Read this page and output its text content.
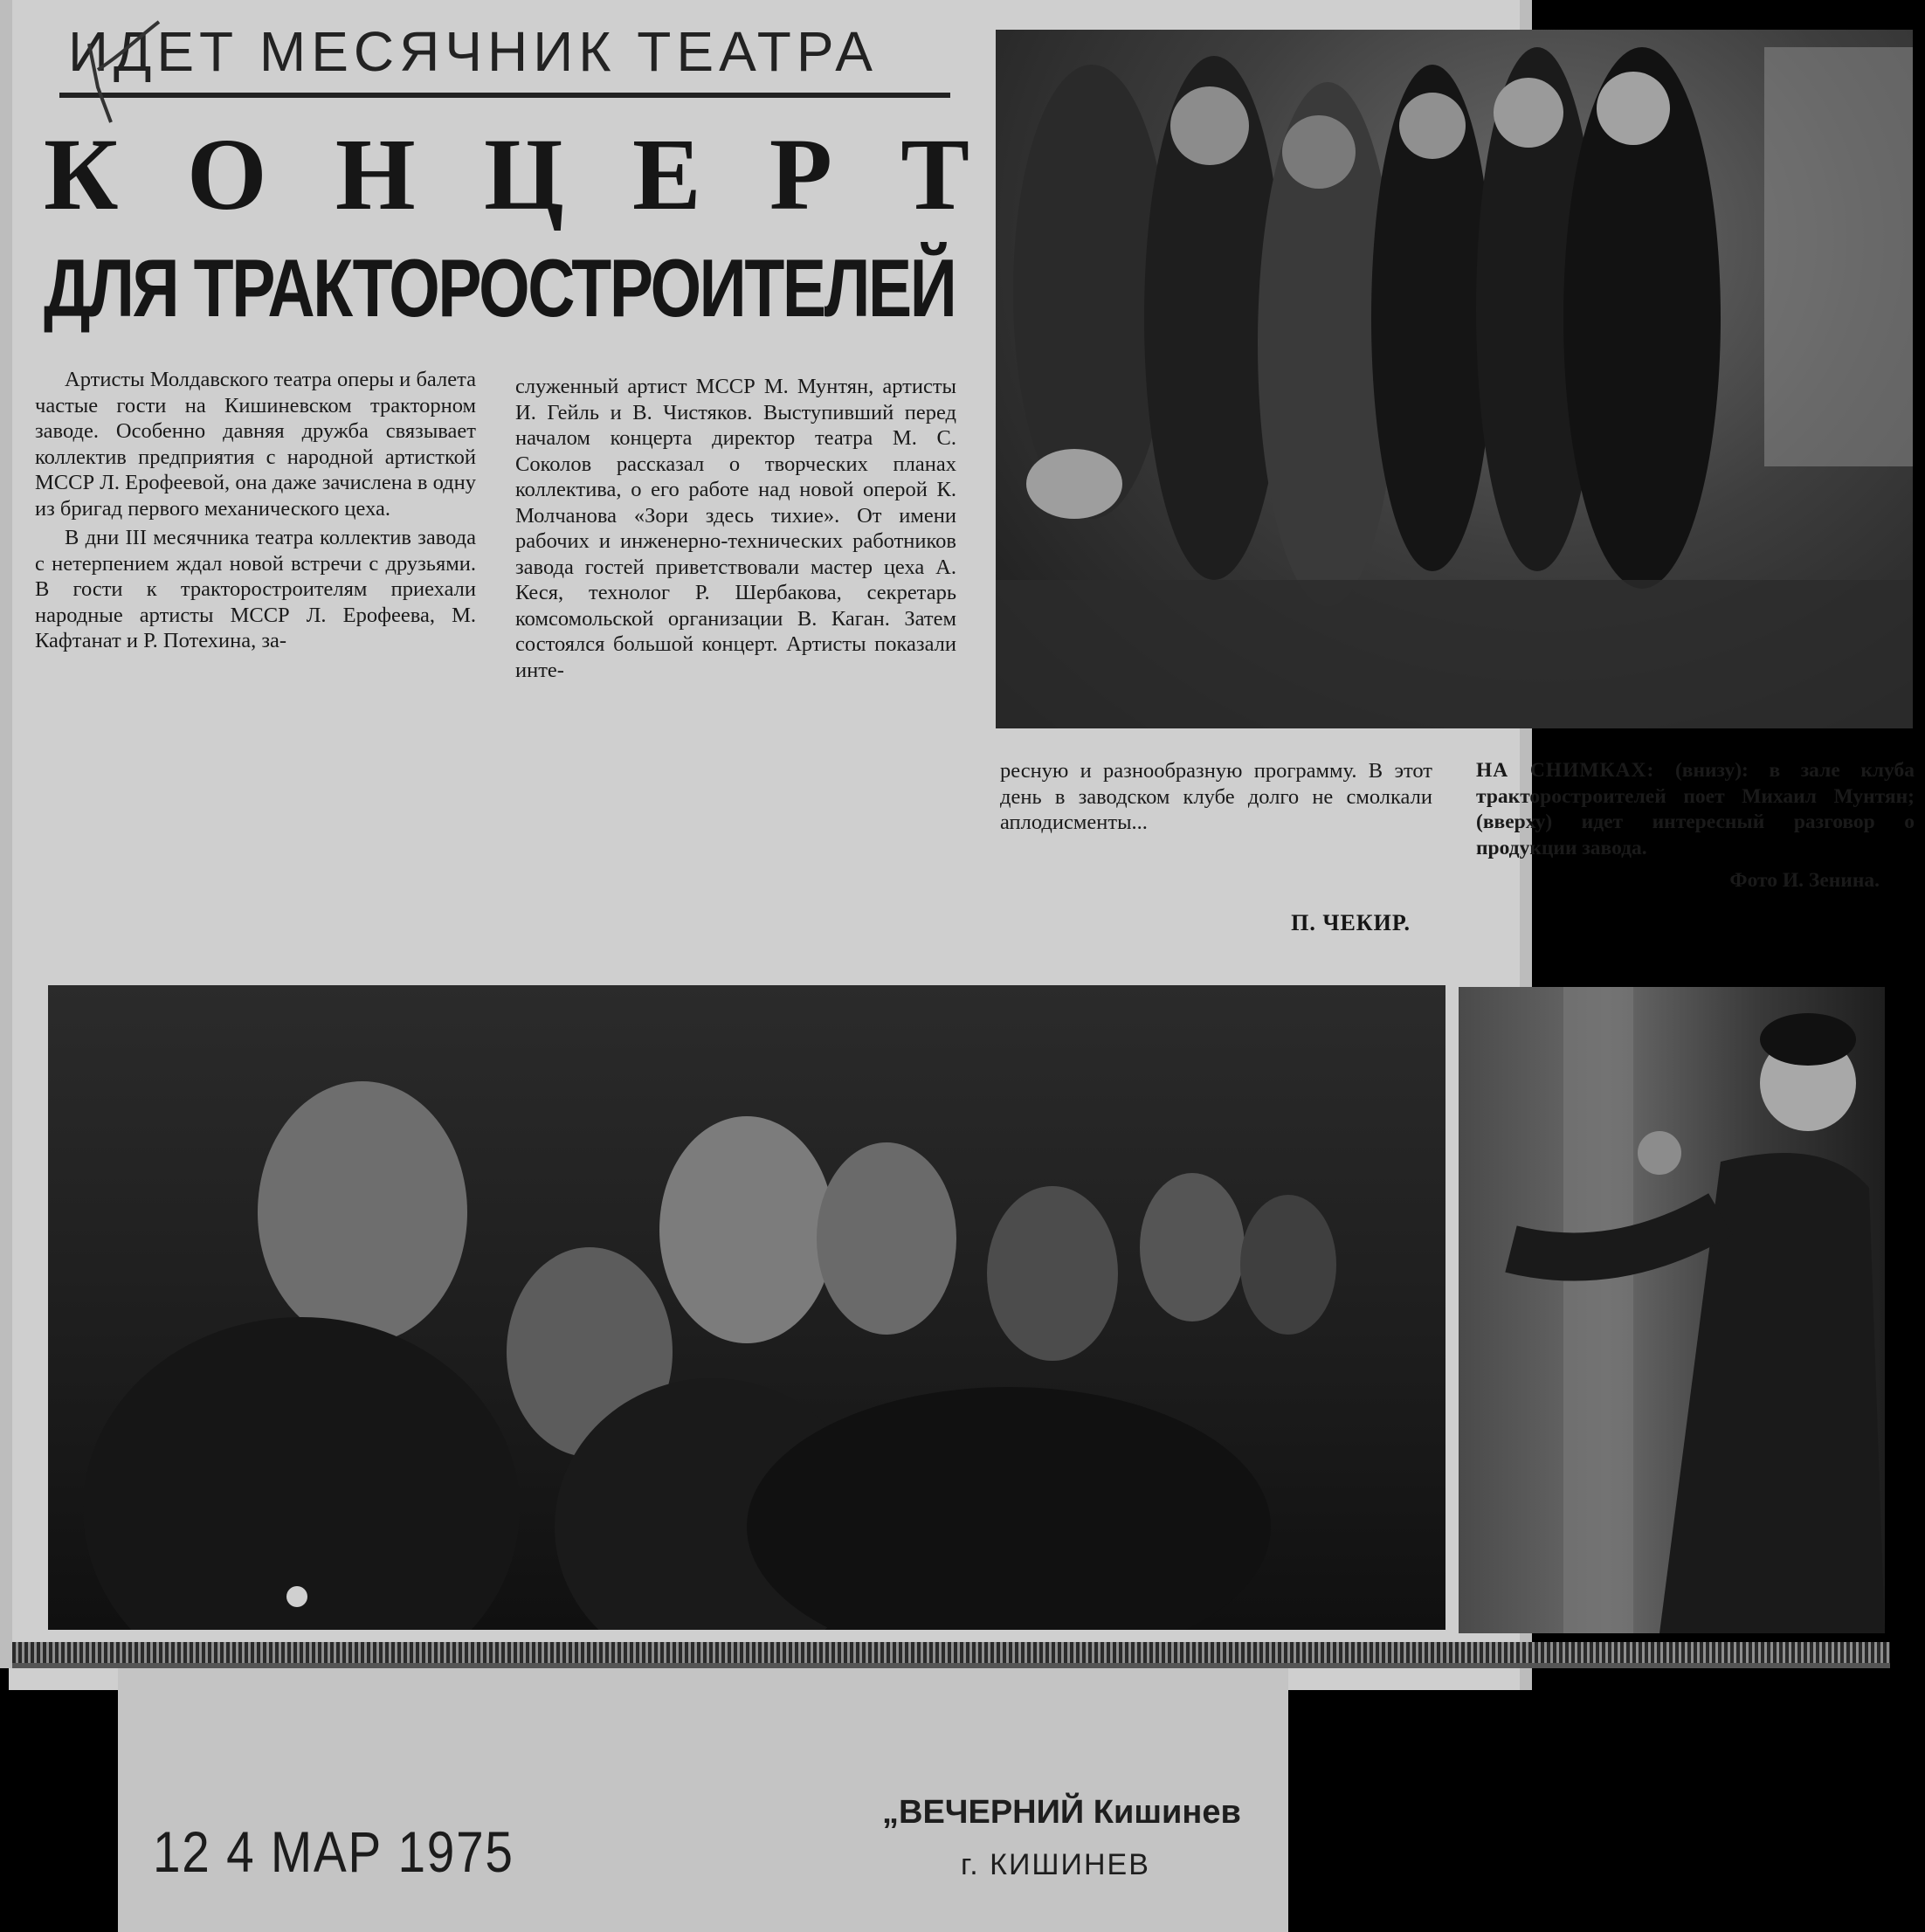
ИДЕТ МЕСЯЧНИК ТЕАТРА
К О Н Ц Е Р Т
ДЛЯ ТРАКТОРОСТРОИТЕЛЕЙ

Артисты Молдавского театра оперы и балета частые гости на Кишиневском тракторном заводе. Особенно давняя дружба связывает коллектив предприятия с народной артисткой МССР Л. Ерофеевой, она даже зачислена в одну из бригад первого механического цеха.

В дни III месячника театра коллектив завода с нетерпением ждал новой встречи с друзьями. В гости к тракторостроителям приехали народные артисты МССР Л. Ерофеева, М. Кафтанат и Р. Потехина, за-

служенный артист МССР М. Мунтян, артисты И. Гейль и В. Чистяков. Выступивший перед началом концерта директор театра М. С. Соколов рассказал о творческих планах коллектива, о его работе над новой оперой К. Молчанова «Зори здесь тихие». От имени рабочих и инженерно-технических работников завода гостей приветствовали мастер цеха А. Кеся, технолог Р. Шербакова, секретарь комсомольской организации В. Каган. Затем состоялся большой концерт. Артисты показали инте-

ресную и разнообразную программу. В этот день в заводском клубе долго не смолкали аплодисменты...

П. ЧЕКИР.
НА СНИМКАХ: (внизу): в зале клуба тракторостроителей поет Михаил Мунтян; (вверху) идет интересный разговор о продукции завода.
Фото И. Зенина.
12 4 МАР 1975
„ВЕЧЕРНИЙ Кишинев
г. КИШИНЕВ
